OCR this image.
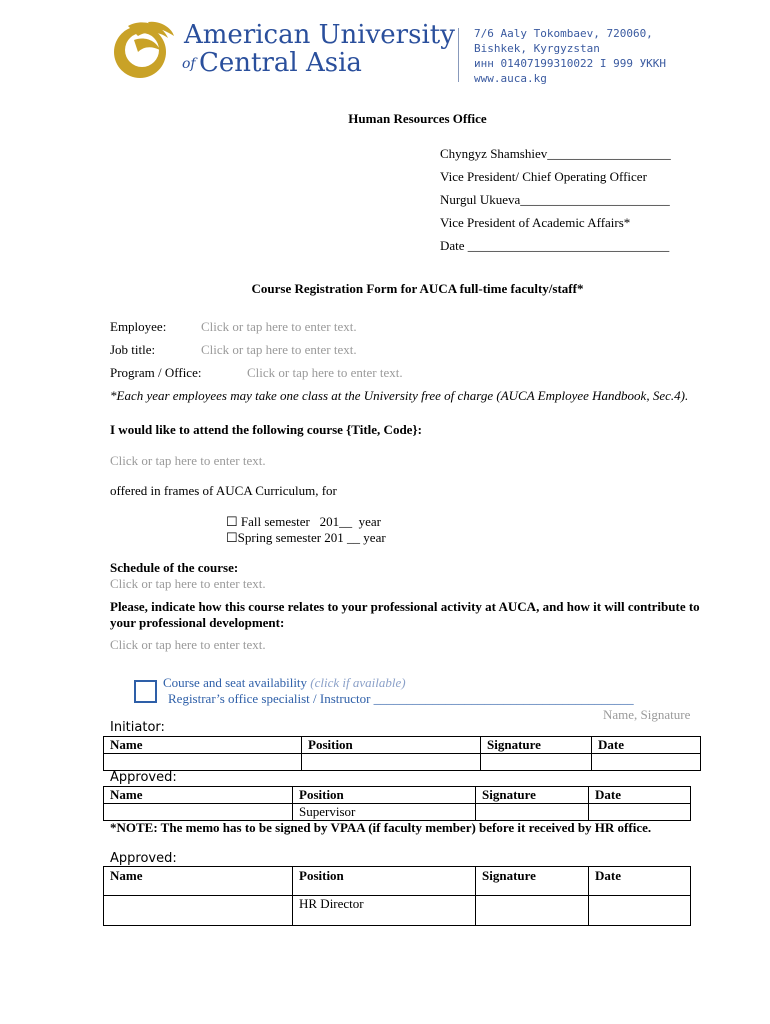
American University
of Central Asia
7/6 Aaly Tokombaev, 720060,
Bishkek, Kyrgyzstan
инн 01407199310022 I 999 УККН
www.auca.kg
Human Resources Office
Chyngyz Shamshiev___________________
Vice President/ Chief Operating Officer
Nurgul Ukueva_______________________
Vice President of Academic Affairs*
Date _______________________________
Course Registration Form for AUCA full-time faculty/staff*
Employee:	Click or tap here to enter text.
Job title:	Click or tap here to enter text.
Program / Office:	Click or tap here to enter text.
*Each year employees may take one class at the University free of charge (AUCA Employee Handbook, Sec.4).
I would like to attend the following course {Title, Code}:
Click or tap here to enter text.
offered in frames of AUCA Curriculum, for
☐ Fall semester   201__  year
☐Spring semester 201 __ year
Schedule of the course:
Click or tap here to enter text.
Please, indicate how this course relates to your professional activity at AUCA, and how it will contribute to your professional development:
Click or tap here to enter text.
Course and seat availability (click if available)
Registrar’s office specialist / Instructor ________________________________________
Name, Signature
Initiator:
Name	Position	Signature	Date

Approved:
Name	Position	Signature	Date
	Supervisor		
*NOTE: The memo has to be signed by VPAA (if faculty member) before it received by HR office.
Approved:
Name	Position	Signature	Date
	HR Director		
